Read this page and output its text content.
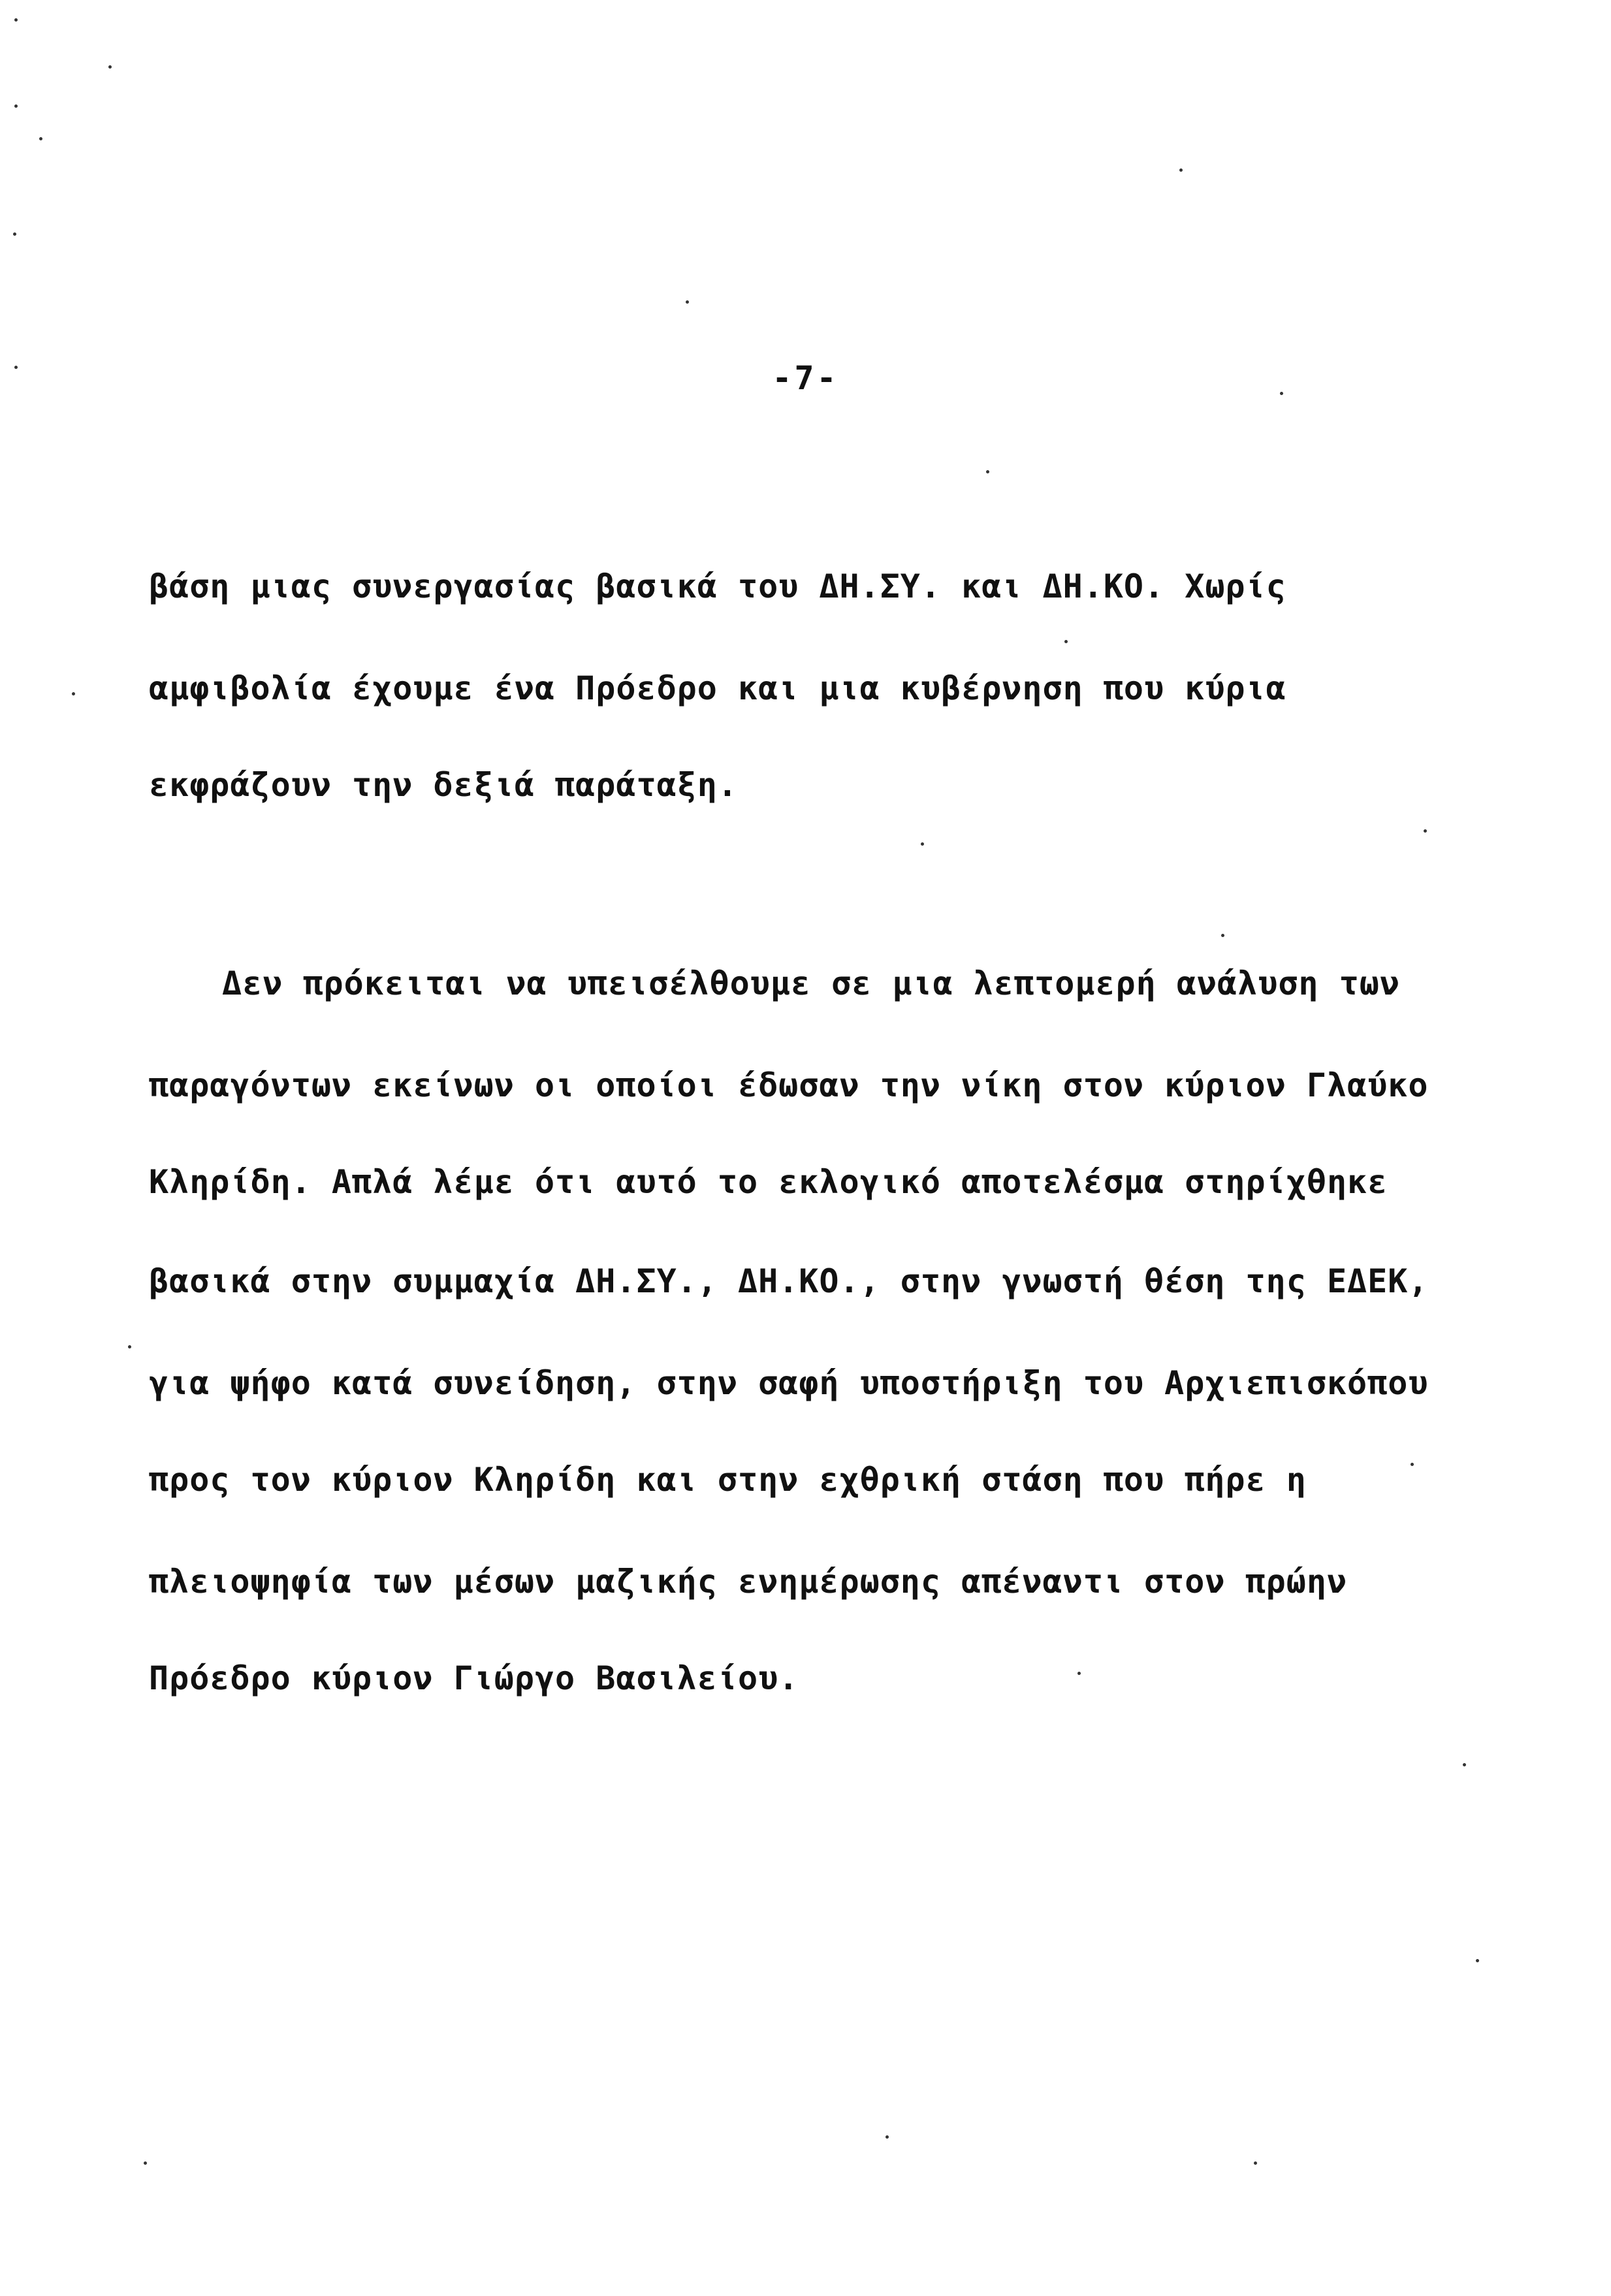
-7-
βάση μιας συνεργασίας βασικά του ΔΗ.ΣΥ. και ΔΗ.ΚΟ. Χωρίς
αμφιβολία έχουμε ένα Πρόεδρο και μια κυβέρνηση που κύρια
εκφράζουν την δεξιά παράταξη.
Δεν πρόκειται να υπεισέλθουμε σε μια λεπτομερή ανάλυση των
παραγόντων εκείνων οι οποίοι έδωσαν την νίκη στον κύριον Γλαύκο
Κληρίδη. Απλά λέμε ότι αυτό το εκλογικό αποτελέσμα στηρίχθηκε
βασικά στην συμμαχία ΔΗ.ΣΥ., ΔΗ.ΚΟ., στην γνωστή θέση της ΕΔΕΚ,
για ψήφο κατά συνείδηση, στην σαφή υποστήριξη του Αρχιεπισκόπου
προς τον κύριον Κληρίδη και στην εχθρική στάση που πήρε η
πλειοψηφία των μέσων μαζικής ενημέρωσης απέναντι στον πρώην
Πρόεδρο κύριον Γιώργο Βασιλείου.
